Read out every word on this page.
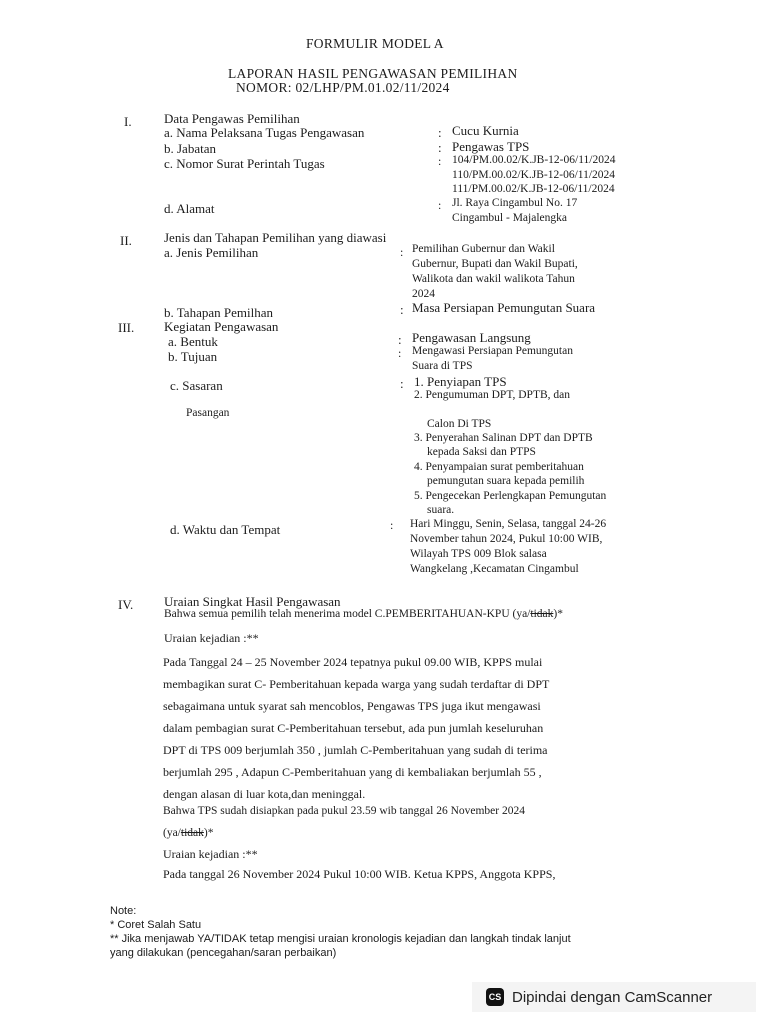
FORMULIR MODEL A
LAPORAN HASIL PENGAWASAN PEMILIHAN
NOMOR: 02/LHP/PM.01.02/11/2024
I. Data Pengawas Pemilihan
a. Nama Pelaksana Tugas Pengawasan	: Cucu Kurnia
b. Jabatan	: Pengawas TPS
c. Nomor Surat Perintah Tugas	: 104/PM.00.02/K.JB-12-06/11/2024
110/PM.00.02/K.JB-12-06/11/2024
111/PM.00.02/K.JB-12-06/11/2024
d. Alamat	: Jl. Raya Cingambul No. 17
Cingambul - Majalengka
II. Jenis dan Tahapan Pemilihan yang diawasi
a. Jenis Pemilihan	: Pemilihan Gubernur dan Wakil
Gubernur, Bupati dan Wakil Bupati,
Walikota dan wakil walikota Tahun
2024
b. Tahapan Pemilhan	: Masa Persiapan Pemungutan Suara
III. Kegiatan Pengawasan
a. Bentuk	: Pengawasan Langsung
b. Tujuan	: Mengawasi Persiapan Pemungutan
Suara di TPS
c. Sasaran	: 1. Penyiapan TPS
2. Pengumuman DPT, DPTB, dan
Pasangan
Calon Di TPS
3. Penyerahan Salinan DPT dan DPTB
kepada Saksi dan PTPS
4. Penyampaian surat pemberitahuan
pemungutan suara kepada pemilih
5. Pengecekan Perlengkapan Pemungutan
suara.
d. Waktu dan Tempat	: Hari Minggu, Senin, Selasa, tanggal 24-26
November tahun 2024, Pukul 10:00 WIB,
Wilayah TPS 009 Blok salasa
Wangkelang ,Kecamatan Cingambul
IV. Uraian Singkat Hasil Pengawasan
Bahwa semua pemilih telah menerima model C.PEMBERITAHUAN-KPU (ya/tidak)*
Uraian kejadian :**
Pada Tanggal 24 – 25 November 2024 tepatnya pukul 09.00 WIB, KPPS mulai
membagikan surat C- Pemberitahuan kepada warga yang sudah terdaftar di DPT
sebagaimana untuk syarat sah mencoblos, Pengawas TPS juga ikut mengawasi
dalam pembagian surat C-Pemberitahuan tersebut, ada pun jumlah keseluruhan
DPT di TPS 009 berjumlah 350 , jumlah C-Pemberitahuan yang sudah di terima
berjumlah 295 , Adapun C-Pemberitahuan yang di kembaliakan berjumlah 55 ,
dengan alasan di luar kota,dan meninggal.
Bahwa TPS sudah disiapkan pada pukul 23.59 wib tanggal 26 November 2024
(ya/tidak)*
Uraian kejadian :**
Pada tanggal 26 November 2024 Pukul 10:00 WIB. Ketua KPPS, Anggota KPPS,
Note:
* Coret Salah Satu
** Jika menjawab YA/TIDAK tetap mengisi uraian kronologis kejadian dan langkah tindak lanjut
yang dilakukan (pencegahan/saran perbaikan)
CS Dipindai dengan CamScanner
